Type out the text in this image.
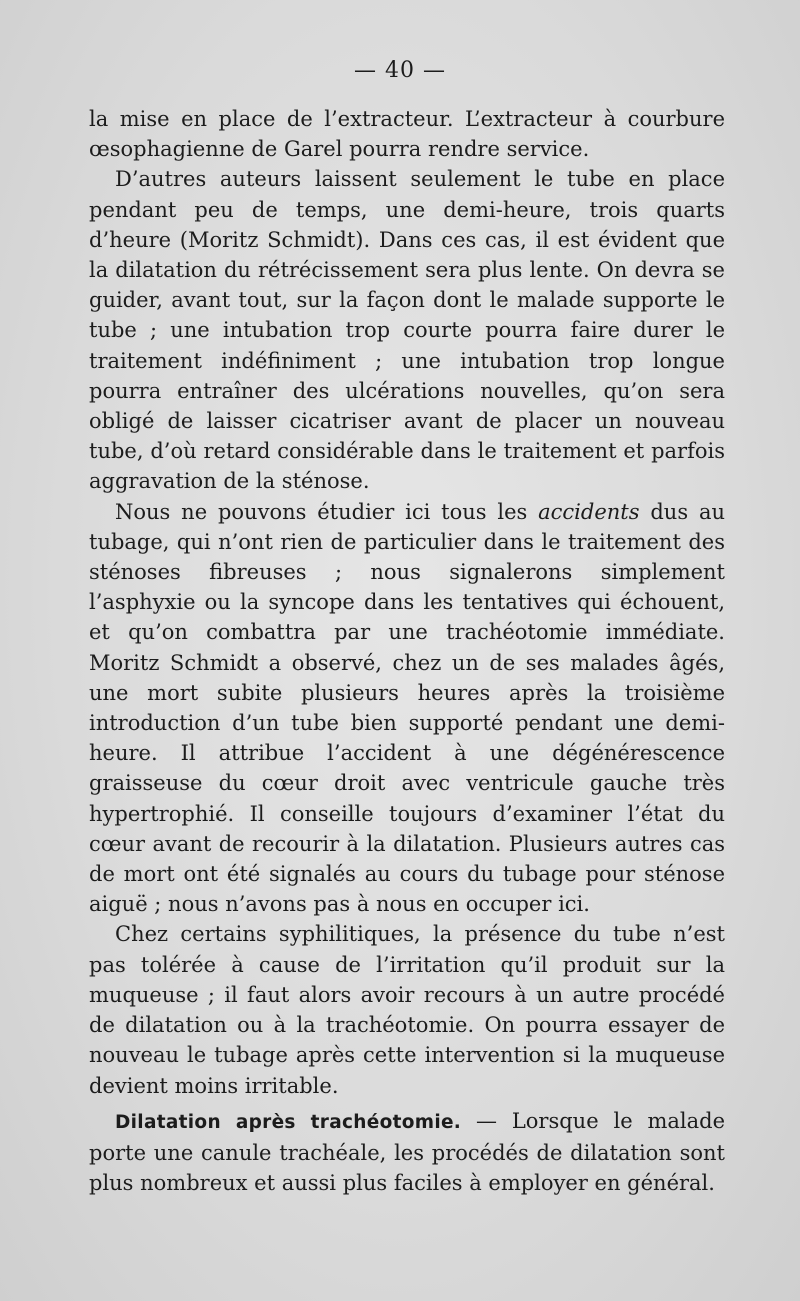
— 40 —

la mise en place de l’extracteur. L’extracteur à courbure œsophagienne de Garel pourra rendre service.

D’autres auteurs laissent seulement le tube en place pendant peu de temps, une demi-heure, trois quarts d’heure (Moritz Schmidt). Dans ces cas, il est évident que la dilatation du rétrécissement sera plus lente. On devra se guider, avant tout, sur la façon dont le malade supporte le tube ; une intubation trop courte pourra faire durer le traitement indéfiniment ; une intubation trop longue pourra entraîner des ulcérations nouvelles, qu’on sera obligé de laisser cicatriser avant de placer un nouveau tube, d’où retard considérable dans le traitement et parfois aggravation de la sténose.

Nous ne pouvons étudier ici tous les accidents dus au tubage, qui n’ont rien de particulier dans le traitement des sténoses fibreuses ; nous signalerons simplement l’asphyxie ou la syncope dans les tentatives qui échouent, et qu’on combattra par une trachéotomie immédiate. Moritz Schmidt a observé, chez un de ses malades âgés, une mort subite plusieurs heures après la troisième introduction d’un tube bien supporté pendant une demi-heure. Il attribue l’accident à une dégénérescence graisseuse du cœur droit avec ventricule gauche très hypertrophié. Il conseille toujours d’examiner l’état du cœur avant de recourir à la dilatation. Plusieurs autres cas de mort ont été signalés au cours du tubage pour sténose aiguë ; nous n’avons pas à nous en occuper ici.

Chez certains syphilitiques, la présence du tube n’est pas tolérée à cause de l’irritation qu’il produit sur la muqueuse ; il faut alors avoir recours à un autre procédé de dilatation ou à la trachéotomie. On pourra essayer de nouveau le tubage après cette intervention si la muqueuse devient moins irritable.

Dilatation après trachéotomie. — Lorsque le malade porte une canule trachéale, les procédés de dilatation sont plus nombreux et aussi plus faciles à employer en général.
